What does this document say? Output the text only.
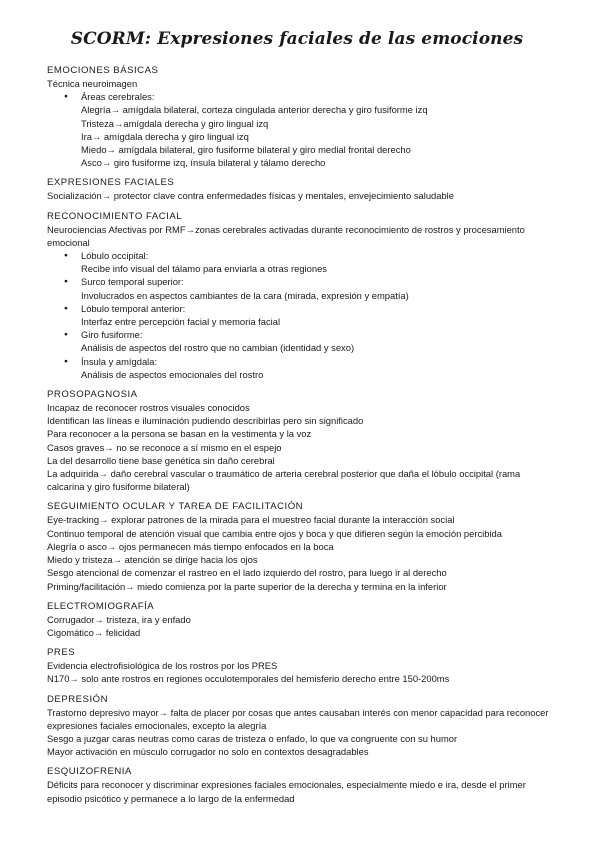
SCORM: Expresiones faciales de las emociones
EMOCIONES BÁSICAS
Técnica neuroimagen
● Áreas cerebrales:
Alegría→ amígdala bilateral, corteza cingulada anterior derecha y giro fusiforme izq
Tristeza→amígdala derecha y giro lingual izq
Ira→ amígdala derecha y giro lingual izq
Miedo→ amígdala bilateral, giro fusiforme bilateral y giro medial frontal derecho
Asco→ giro fusiforme izq, ínsula bilateral y tálamo derecho
EXPRESIONES FACIALES
Socialización→ protector clave contra enfermedades físicas y mentales, envejecimiento saludable
RECONOCIMIENTO FACIAL
Neurociencias Afectivas por RMF→zonas cerebrales activadas durante reconocimiento de rostros y procesamiento emocional
● Lóbulo occipital:
Recibe info visual del tálamo para enviarla a otras regiones
● Surco temporal superior:
Involucrados en aspectos cambiantes de la cara (mirada, expresión y empatía)
● Lóbulo temporal anterior:
Interfaz entre percepción facial y memoria facial
● Giro fusiforme:
Análisis de aspectos del rostro que no cambian (identidad y sexo)
● Ínsula y amígdala:
Análisis de aspectos emocionales del rostro
PROSOPAGNOSIA
Incapaz de reconocer rostros visuales conocidos
Identifican las líneas e iluminación pudiendo describirlas pero sin significado
Para reconocer a la persona se basan en la vestimenta y la voz
Casos graves→ no se reconoce a sí mismo en el espejo
La del desarrollo tiene base genética sin daño cerebral
La adquirida→ daño cerebral vascular o traumático de arteria cerebral posterior que daña el lóbulo occipital (rama calcarina y giro fusiforme bilateral)
SEGUIMIENTO OCULAR Y TAREA DE FACILITACIÓN
Eye-tracking→ explorar patrones de la mirada para el muestreo facial durante la interacción social
Continuo temporal de atención visual que cambia entre ojos y boca y que difieren según la emoción percibida
Alegría o asco→ ojos permanecen más tiempo enfocados en la boca
Miedo y tristeza→ atención se dirige hacia los ojos
Sesgo atencional de comenzar el rastreo en el lado izquierdo del rostro, para luego ir al derecho
Priming/facilitación→ miedo comienza por la parte superior de la derecha y termina en la inferior
ELECTROMIOGRAFÍA
Corrugador→ tristeza, ira y enfado
Cigomático→ felicidad
PRES
Evidencia electrofisiológica de los rostros por los PRES
N170→ solo ante rostros en regiones occulotemporales del hemisferio derecho entre 150-200ms
DEPRESIÓN
Trastorno depresivo mayor→ falta de placer por cosas que antes causaban interés con menor capacidad para reconocer expresiones faciales emocionales, excepto la alegría
Sesgo a juzgar caras neutras como caras de tristeza o enfado, lo que va congruente con su humor
Mayor activación en músculo corrugador no solo en contextos desagradables
ESQUIZOFRENIA
Déficits para reconocer y discriminar expresiones faciales emocionales, especialmente miedo e ira, desde el primer episodio psicótico y permanece a lo largo de la enfermedad
